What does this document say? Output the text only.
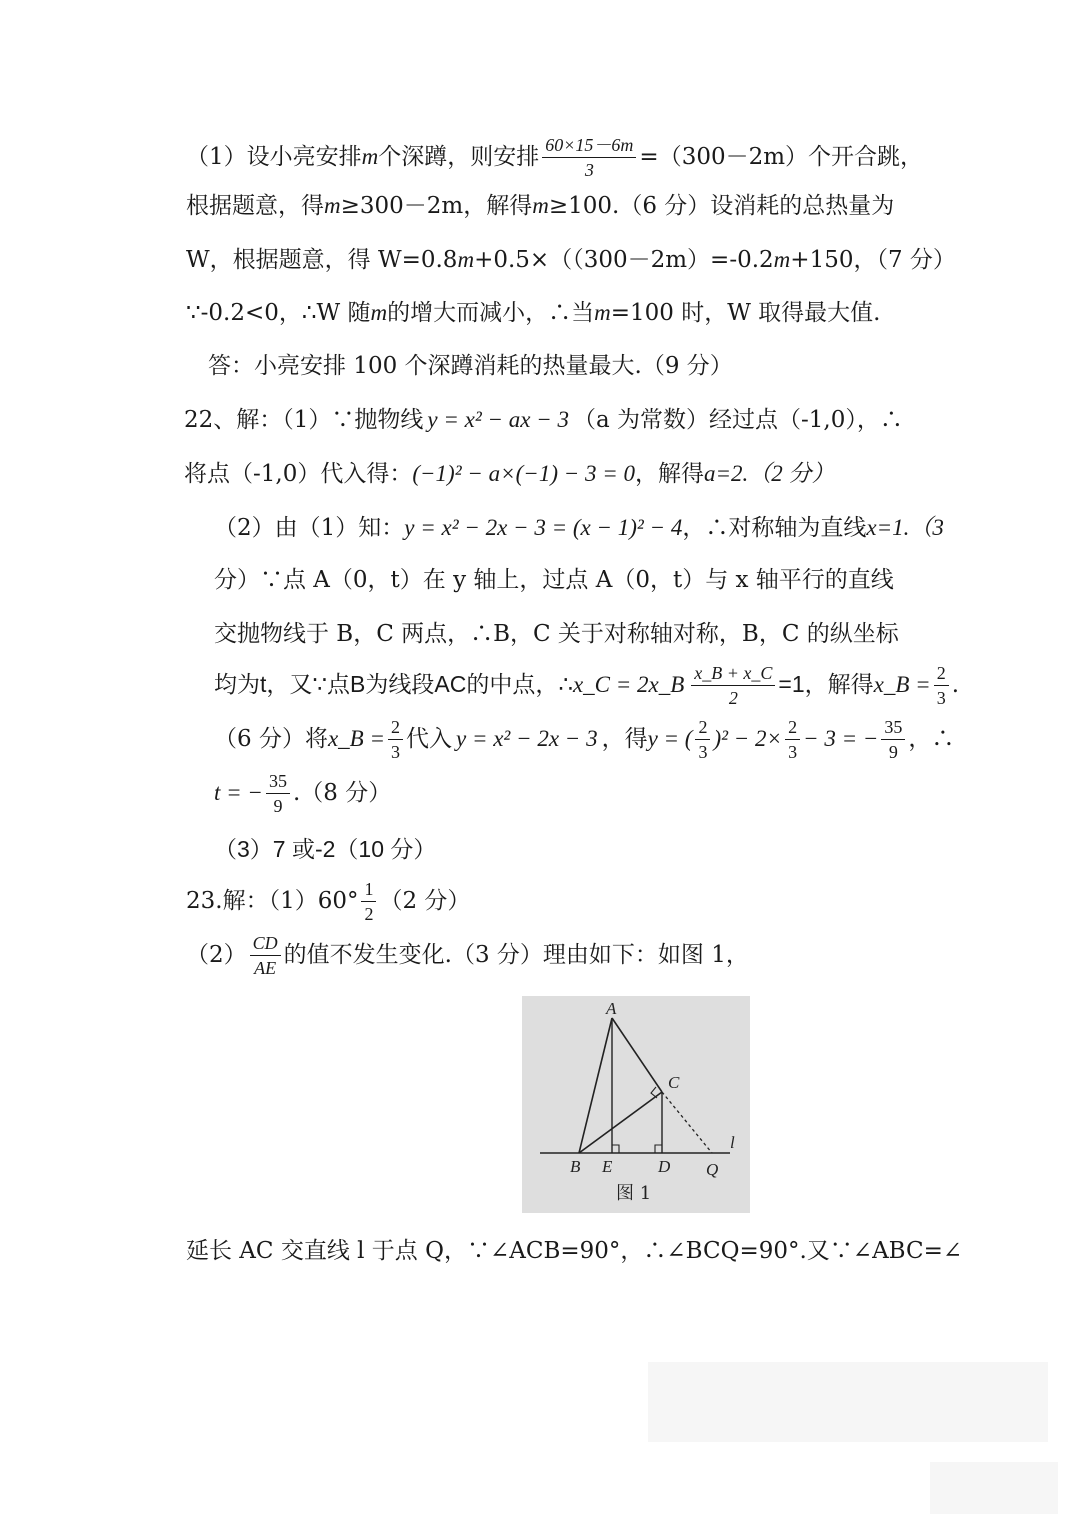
（1）设小亮安排m个深蹲，则安排 $\frac{60\times 15-6m}{3} =(300-2m)$个开合跳，
根据题意，得m≥300－2m，解得m≥100.（6 分）设消耗的总热量为
W，根据题意，得 W=0.8m+0.5×（（300－2m）=-0.2m+150，（7 分）
∵-0.2<0，∴W 随m的增大而减小，∴当m=100 时，W 取得最大值.
答：小亮安排 100 个深蹲消耗的热量最大.（9 分）
22、解：（1）∵抛物线 y = x² − ax − 3 （a 为常数）经过点（-1,0），∴
将点（-1,0）代入得：(−1)² − a×(−1) − 3 = 0，解得a=2.（2 分）
（2）由（1）知：y = x² − 2x − 3 = (x − 1)² − 4，∴对称轴为直线x=1.（3
分）∵点 A（0，t）在 y 轴上，过点 A（0，t）与 x 轴平行的直线
交抛物线于 B，C 两点，∴B，C 关于对称轴对称，B，C 的纵坐标
均为t，又∵点B为线段AC的中点，∴x_C = 2x_B $\frac{x\_B + x\_C}{2} =1$，解得x_B = $\frac{2}{3}$ .
（6 分）将x_B = $\frac{2}{3}$ 代入 y = x² − 2x − 3 ，得y = ( $\frac{2}{3} )^2 - 2\times \frac{2}{3} - 3$ = − $\frac{35}{9}$ ，∴
t = − $\frac{35}{9} .(8$ 分）
（3）7 或-2（10 分）
23.解：$(1)60^\circ \frac{1}{2} (2$ 分）
$(2) \frac{CD}{AE}$ 的值不发生变化.（3 分）理由如下：如图 1，
A
C
B E	D Q
l
图 1
延长 AC 交直线 l 于点 Q，∵∠ACB=90°，∴∠BCQ=90°.又∵∠ABC=∠
